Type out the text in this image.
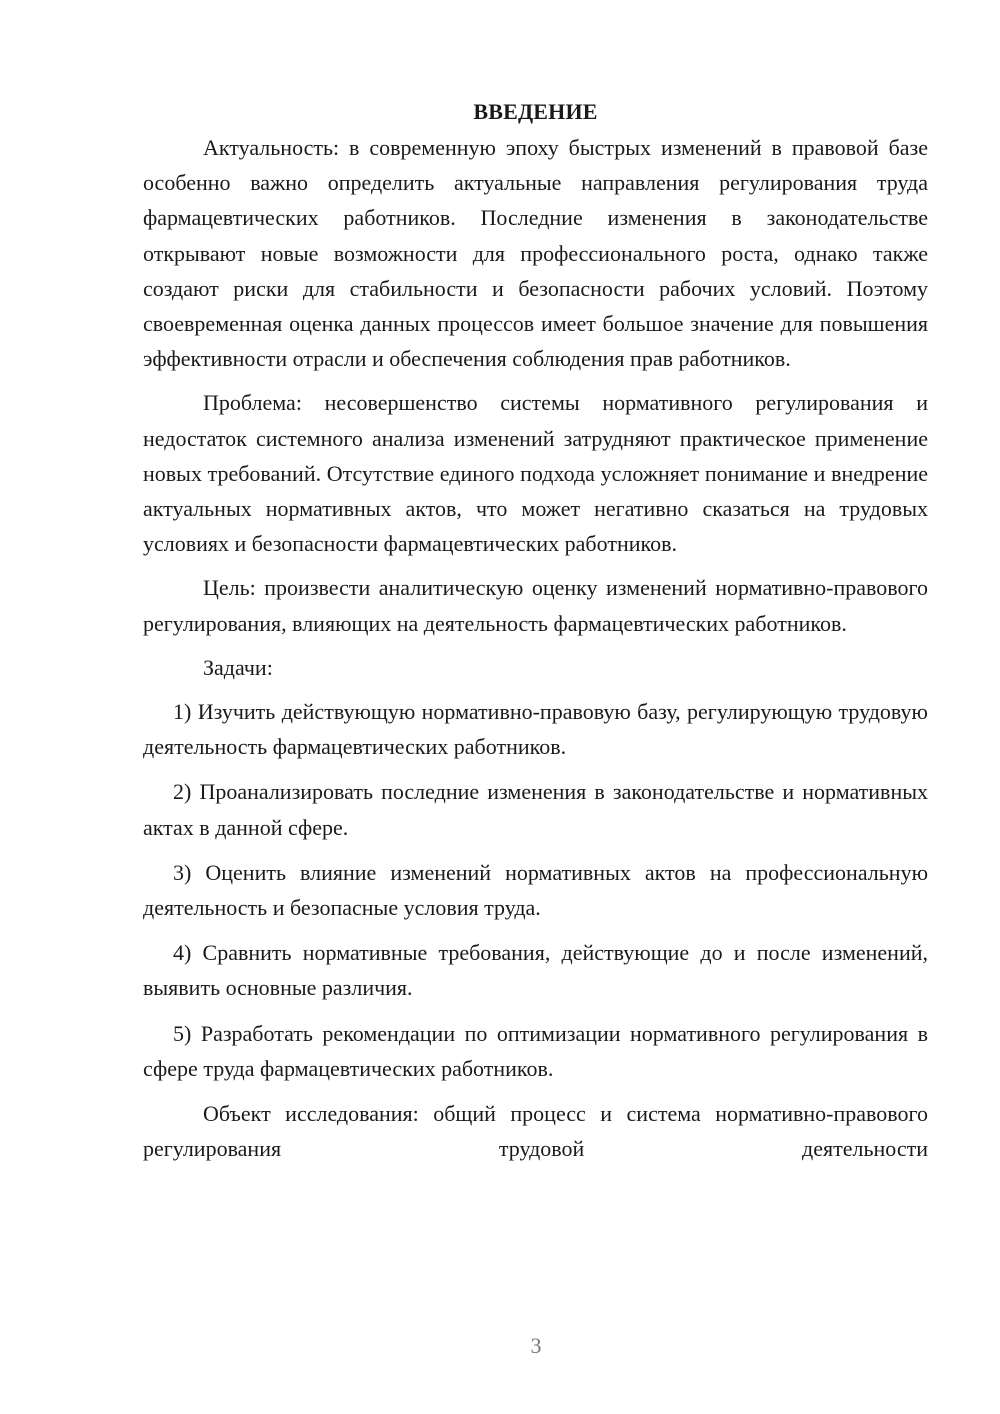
ВВЕДЕНИЕ

Актуальность: в современную эпоху быстрых изменений в правовой базе особенно важно определить актуальные направления регулирования труда фармацевтических работников. Последние изменения в законодательстве открывают новые возможности для профессионального роста, однако также создают риски для стабильности и безопасности рабочих условий. Поэтому своевременная оценка данных процессов имеет большое значение для повышения эффективности отрасли и обеспечения соблюдения прав работников.

Проблема: несовершенство системы нормативного регулирования и недостаток системного анализа изменений затрудняют практическое применение новых требований. Отсутствие единого подхода усложняет понимание и внедрение актуальных нормативных актов, что может негативно сказаться на трудовых условиях и безопасности фармацевтических работников.

Цель: произвести аналитическую оценку изменений нормативно-правового регулирования, влияющих на деятельность фармацевтических работников.

Задачи:

1) Изучить действующую нормативно-правовую базу, регулирующую трудовую деятельность фармацевтических работников.

2) Проанализировать последние изменения в законодательстве и нормативных актах в данной сфере.

3) Оценить влияние изменений нормативных актов на профессиональную деятельность и безопасные условия труда.

4) Сравнить нормативные требования, действующие до и после изменений, выявить основные различия.

5) Разработать рекомендации по оптимизации нормативного регулирования в сфере труда фармацевтических работников.

Объект исследования: общий процесс и система нормативно-правового регулирования трудовой деятельности

3
